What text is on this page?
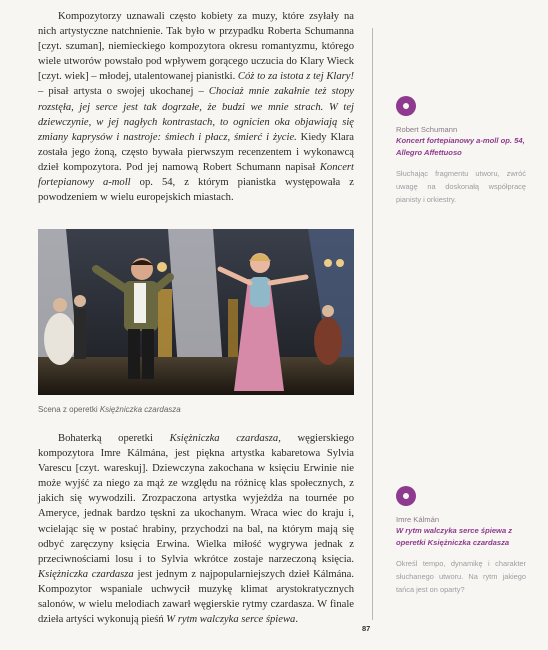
Kompozytorzy uznawali często kobiety za muzy, które zsyłały na nich artystyczne natchnienie. Tak było w przypadku Roberta Schumanna [czyt. szuman], niemieckiego kompozytora okresu romantyzmu, którego wiele utworów powstało pod wpływem gorącego uczucia do Klary Wieck [czyt. wiek] – młodej, utalentowanej pianistki. Cóż to za istota z tej Klary! – pisał artysta o swojej ukochanej – Chociaż mnie zakałnie też stopy rozstęła, jej serce jest tak dogrzałe, że budzi we mnie strach. W tej dziewczynie, w jej nagłych kontrastach, to ognicien oka objawiają się zmiany kaprysów i nastroje: śmiech i płacz, śmierć i życie. Kiedy Klara została jego żoną, często bywała pierwszym recenzentem i wykonawcą dzieł kompozytora. Pod jej namową Robert Schumann napisał Koncert fortepianowy a-moll op. 54, z którym pianistka występowała z powodzeniem w wielu europejskich miastach.

Scena z operetki Księżniczka czardasza

Bohaterką operetki Księżniczka czardasza, węgierskiego kompozytora Imre Kálmána, jest piękna artystka kabaretowa Sylvia Varescu [czyt. wareskuj]. Dziewczyna zakochana w księciu Erwinie nie może wyjść za niego za mąż ze względu na różnicę klas społecznych, z jakich się wywodzili. Zrozpaczona artystka wyjeżdża na tournée po Ameryce, jednak bardzo tęskni za ukochanym. Wraca wiec do kraju i, wcielając się w postać hrabiny, przychodzi na bal, na którym mają się odbyć zaręczyny księcia Erwina. Wielka miłość wygrywa jednak z przeciwnościami losu i to Sylvia wkrótce zostaje narzeczoną księcia. Księżniczka czardasza jest jednym z najpopularniejszych dzieł Kálmána. Kompozytor wspaniale uchwycił muzykę klimat arystokratycznych salonów, w wielu melodiach zawarł węgierskie rytmy czardasza. W finale dzieła artyści wykonują pieśń W rytm walczyka serce śpiewa.

Robert Schumann
Koncert fortepianowy a-moll op. 54, Allegro Affettuoso
Słuchając fragmentu utworu, zwróć uwagę na doskonałą współpracę pianisty i orkiestry.
Imre Kálmán
W rytm walczyka serce śpiewa z operetki Księżniczka czardasza
Określ tempo, dynamikę i charakter słuchanego utworu. Na rytm jakiego tańca jest on oparty?
87
